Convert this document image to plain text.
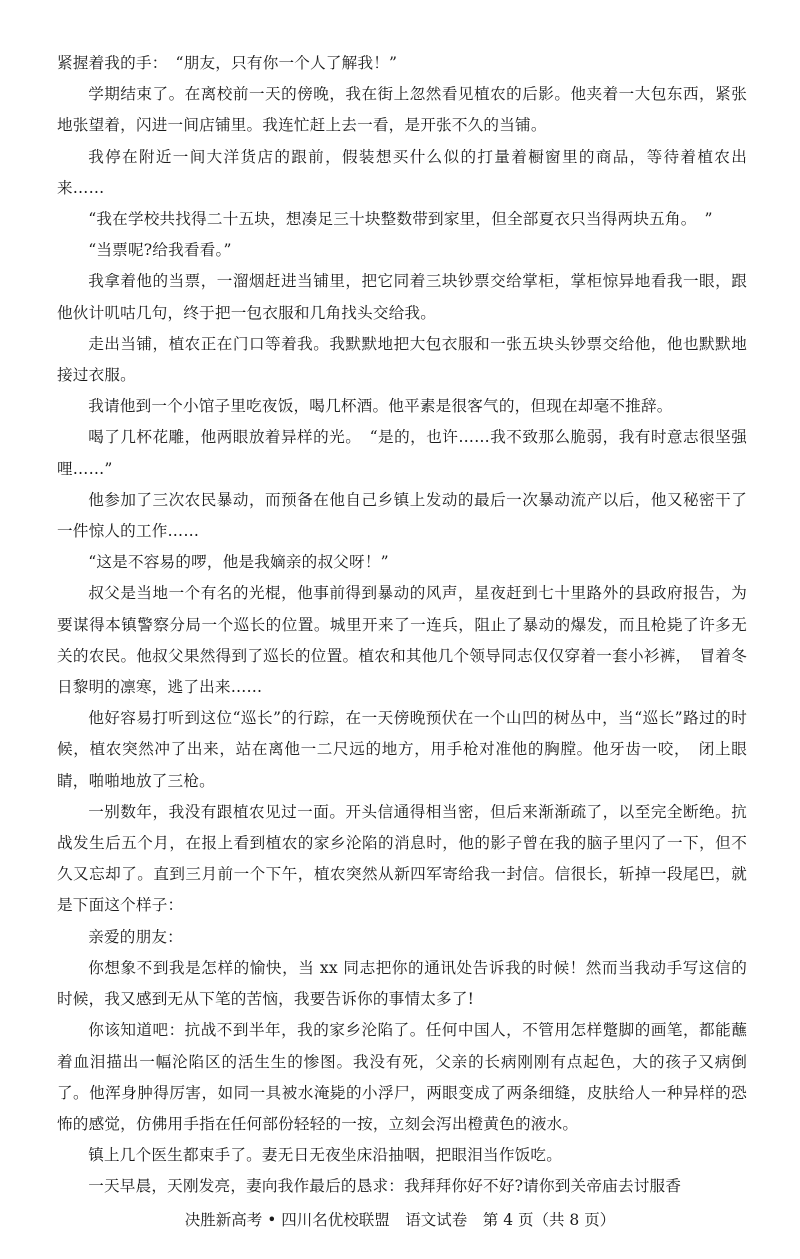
紧握着我的手：　“朋友，只有你一个人了解我！”

学期结束了。在离校前一天的傍晚，我在街上忽然看见植农的后影。他夹着一大包东西，紧张地张望着，闪进一间店铺里。我连忙赶上去一看，是开张不久的当铺。

我停在附近一间大洋货店的跟前，假装想买什么似的打量着橱窗里的商品，等待着植农出来……

“我在学校共找得二十五块，想凑足三十块整数带到家里，但全部夏衣只当得两块五角。　”

“当票呢?给我看看。”

我拿着他的当票，一溜烟赶进当铺里，把它同着三块钞票交给掌柜，掌柜惊异地看我一眼，跟他伙计叽咕几句，终于把一包衣服和几角找头交给我。

走出当铺，植农正在门口等着我。我默默地把大包衣服和一张五块头钞票交给他，他也默默地接过衣服。

我请他到一个小馆子里吃夜饭，喝几杯酒。他平素是很客气的，但现在却毫不推辞。

喝了几杯花雕，他两眼放着异样的光。　“是的，也许……我不致那么脆弱，我有时意志很坚强哩……”

他参加了三次农民暴动，而预备在他自己乡镇上发动的最后一次暴动流产以后，他又秘密干了一件惊人的工作……

“这是不容易的啰，他是我嫡亲的叔父呀！”

叔父是当地一个有名的光棍，他事前得到暴动的风声，星夜赶到七十里路外的县政府报告，为要谋得本镇警察分局一个巡长的位置。城里开来了一连兵，阻止了暴动的爆发，而且枪毙了许多无关的农民。他叔父果然得到了巡长的位置。植农和其他几个领导同志仅仅穿着一套小衫裤，　冒着冬日黎明的凛寒，逃了出来……

他好容易打听到这位“巡长”的行踪，在一天傍晚预伏在一个山凹的树丛中，当“巡长”路过的时候，植农突然冲了出来，站在离他一二尺远的地方，用手枪对准他的胸膛。他牙齿一咬，　闭上眼睛，啪啪地放了三枪。

一别数年，我没有跟植农见过一面。开头信通得相当密，但后来渐渐疏了，以至完全断绝。抗战发生后五个月，在报上看到植农的家乡沦陷的消息时，他的影子曾在我的脑子里闪了一下，但不久又忘却了。直到三月前一个下午，植农突然从新四军寄给我一封信。信很长，斩掉一段尾巴，就是下面这个样子：

亲爱的朋友：

你想象不到我是怎样的愉快，当 xx 同志把你的通讯处告诉我的时候！然而当我动手写这信的时候，我又感到无从下笔的苦恼，我要告诉你的事情太多了!

你该知道吧：抗战不到半年，我的家乡沦陷了。任何中国人，不管用怎样蹩脚的画笔，都能蘸着血泪描出一幅沦陷区的活生生的惨图。我没有死，父亲的长病刚刚有点起色，大的孩子又病倒了。他浑身肿得厉害，如同一具被水淹毙的小浮尸，两眼变成了两条细缝，皮肤给人一种异样的恐怖的感觉，仿佛用手指在任何部份轻轻的一按，立刻会泻出橙黄色的液水。

镇上几个医生都束手了。妻无日无夜坐床沿抽咽，把眼泪当作饭吃。

一天早晨，天刚发亮，妻向我作最后的恳求：我拜拜你好不好?请你到关帝庙去讨服香

决胜新高考 • 四川名优校联盟　语文试卷　第 4 页（共 8 页）
